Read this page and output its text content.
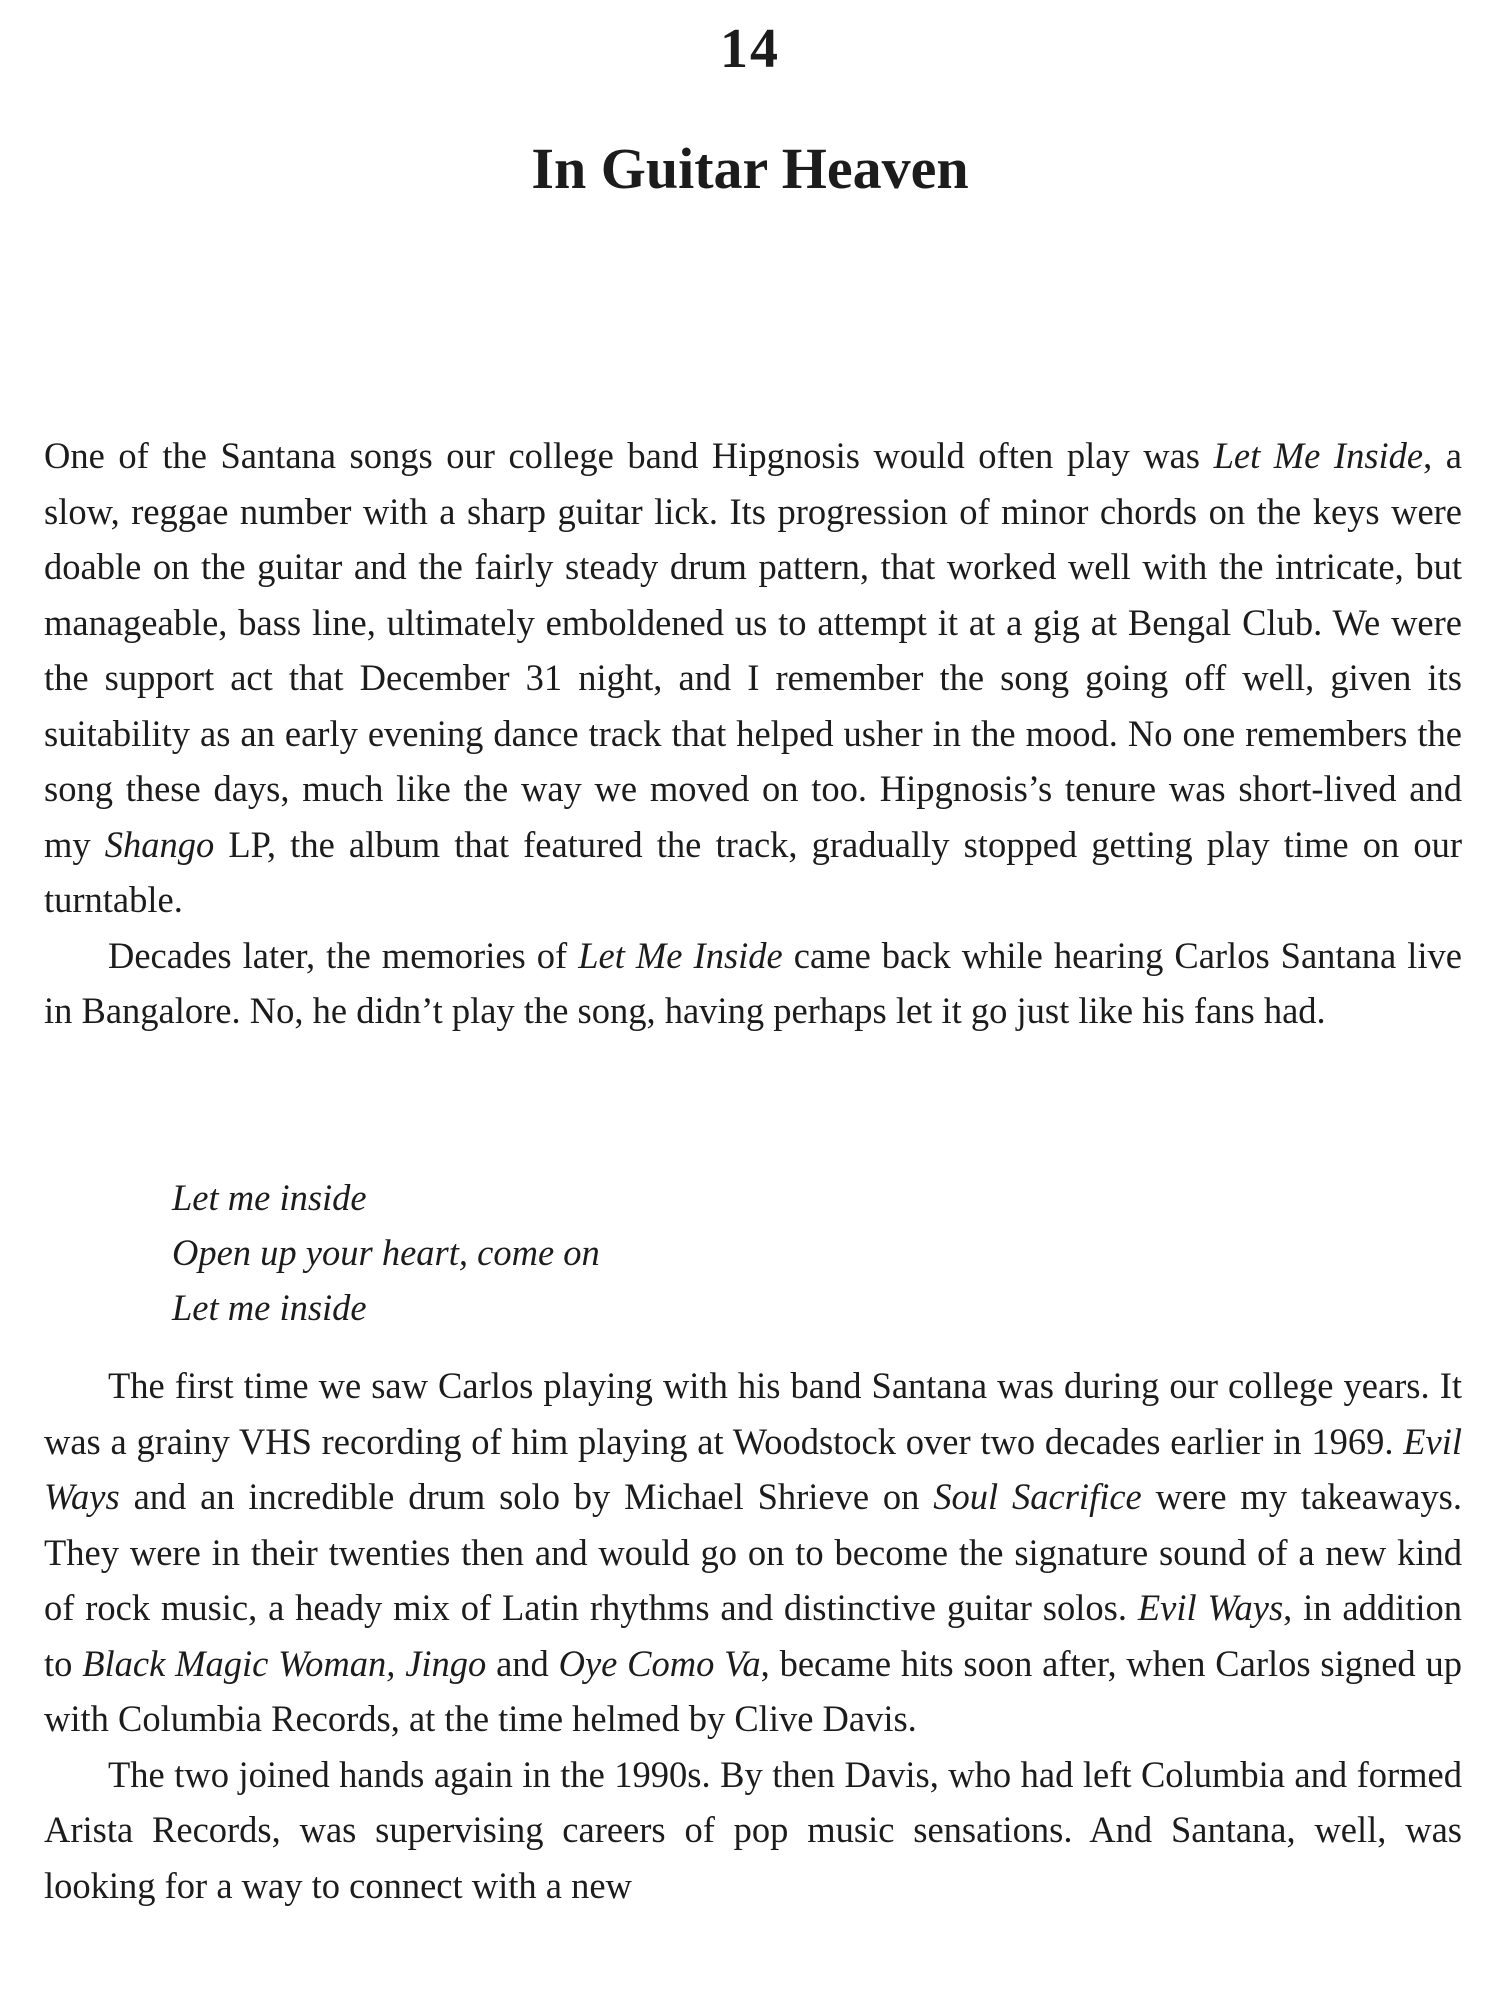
14
In Guitar Heaven

One of the Santana songs our college band Hipgnosis would often play was Let Me Inside, a slow, reggae number with a sharp guitar lick. Its progression of minor chords on the keys were doable on the guitar and the fairly steady drum pattern, that worked well with the intricate, but manageable, bass line, ultimately emboldened us to attempt it at a gig at Bengal Club. We were the support act that December 31 night, and I remember the song going off well, given its suitability as an early evening dance track that helped usher in the mood. No one remembers the song these days, much like the way we moved on too. Hipgnosis’s tenure was short-lived and my Shango LP, the album that featured the track, gradually stopped getting play time on our turntable.

Decades later, the memories of Let Me Inside came back while hearing Carlos Santana live in Bangalore. No, he didn’t play the song, having perhaps let it go just like his fans had.

Let me inside
Open up your heart, come on
Let me inside

The first time we saw Carlos playing with his band Santana was during our college years. It was a grainy VHS recording of him playing at Woodstock over two decades earlier in 1969. Evil Ways and an incredible drum solo by Michael Shrieve on Soul Sacrifice were my takeaways. They were in their twenties then and would go on to become the signature sound of a new kind of rock music, a heady mix of Latin rhythms and distinctive guitar solos. Evil Ways, in addition to Black Magic Woman, Jingo and Oye Como Va, became hits soon after, when Carlos signed up with Columbia Records, at the time helmed by Clive Davis.

The two joined hands again in the 1990s. By then Davis, who had left Columbia and formed Arista Records, was supervising careers of pop music sensations. And Santana, well, was looking for a way to connect with a new
